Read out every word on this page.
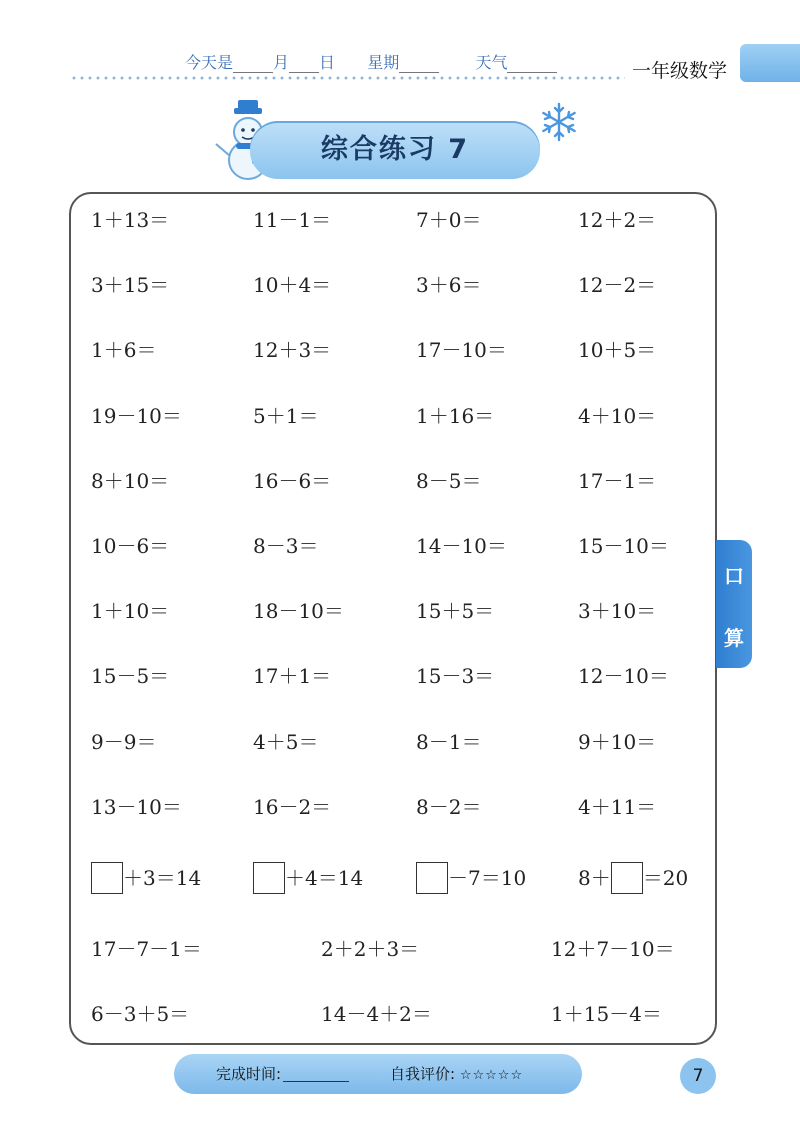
今天是	月 日 星期	天气	一年级数学
综合练习 7
1＋13＝	11－1＝	7＋0＝	12＋2＝
3＋15＝	10＋4＝	3＋6＝	12－2＝
1＋6＝	12＋3＝	17－10＝	10＋5＝
19－10＝	5＋1＝	1＋16＝	4＋10＝
8＋10＝	16－6＝	8－5＝	17－1＝
10－6＝	8－3＝	14－10＝	15－10＝
1＋10＝	18－10＝	15＋5＝	3＋10＝
15－5＝	17＋1＝	15－3＝	12－10＝
9－9＝	4＋5＝	8－1＝	9＋10＝
13－10＝	16－2＝	8－2＝	4＋11＝
＋3＝14	＋4＝14	－7＝10	8＋ ＝20
17－7－1＝	2＋2＋3＝	12＋7－10＝
6－3＋5＝	14－4＋2＝	1＋15－4＝
口
算
完成时间:	自我评价: ☆☆☆☆☆	7
